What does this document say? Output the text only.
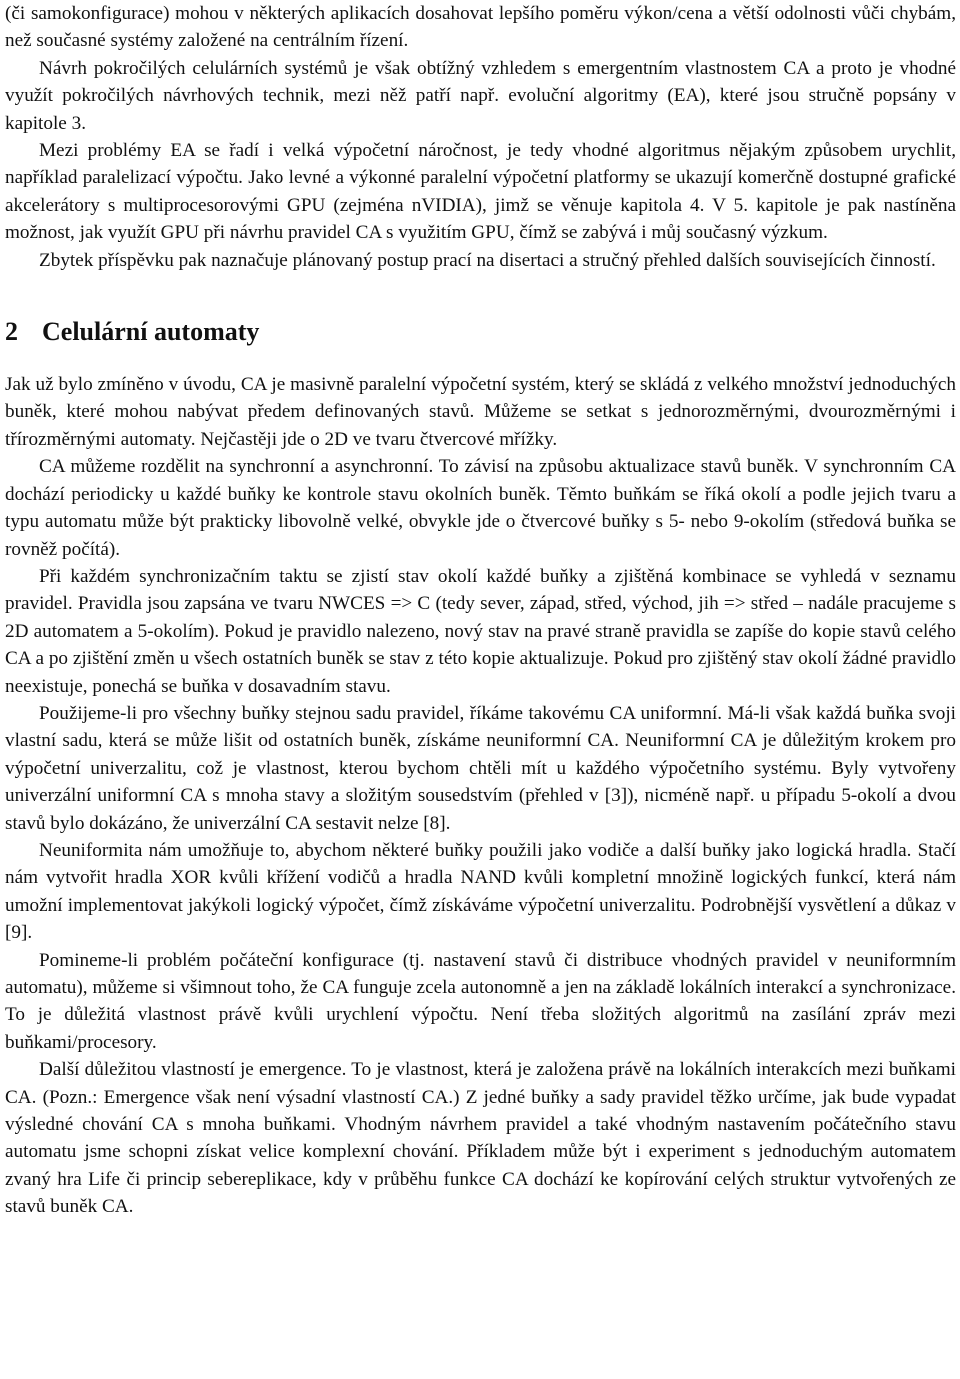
(či samokonfigurace) mohou v některých aplikacích dosahovat lepšího poměru výkon/cena a větší odolnosti vůči chybám, než současné systémy založené na centrálním řízení.

Návrh pokročilých celulárních systémů je však obtížný vzhledem s emergentním vlastnostem CA a proto je vhodné využít pokročilých návrhových technik, mezi něž patří např. evoluční algoritmy (EA), které jsou stručně popsány v kapitole 3.

Mezi problémy EA se řadí i velká výpočetní náročnost, je tedy vhodné algoritmus nějakým způsobem urychlit, například paralelizací výpočtu. Jako levné a výkonné paralelní výpočetní platformy se ukazují komerčně dostupné grafické akcelerátory s multiprocesorovými GPU (zejména nVIDIA), jimž se věnuje kapitola 4. V 5. kapitole je pak nastíněna možnost, jak využít GPU při návrhu pravidel CA s využitím GPU, čímž se zabývá i můj současný výzkum.

Zbytek příspěvku pak naznačuje plánovaný postup prací na disertaci a stručný přehled dalších souvisejících činností.

2 Celulární automaty

Jak už bylo zmíněno v úvodu, CA je masivně paralelní výpočetní systém, který se skládá z velkého množství jednoduchých buněk, které mohou nabývat předem definovaných stavů. Můžeme se setkat s jednorozměrnými, dvourozměrnými i třírozměrnými automaty. Nejčastěji jde o 2D ve tvaru čtvercové mřížky.

CA můžeme rozdělit na synchronní a asynchronní. To závisí na způsobu aktualizace stavů buněk. V synchronním CA dochází periodicky u každé buňky ke kontrole stavu okolních buněk. Těmto buňkám se říká okolí a podle jejich tvaru a typu automatu může být prakticky libovolně velké, obvykle jde o čtvercové buňky s 5- nebo 9-okolím (středová buňka se rovněž počítá).

Při každém synchronizačním taktu se zjistí stav okolí každé buňky a zjištěná kombinace se vyhledá v seznamu pravidel. Pravidla jsou zapsána ve tvaru NWCES => C (tedy sever, západ, střed, východ, jih => střed – nadále pracujeme s 2D automatem a 5-okolím). Pokud je pravidlo nalezeno, nový stav na pravé straně pravidla se zapíše do kopie stavů celého CA a po zjištění změn u všech ostatních buněk se stav z této kopie aktualizuje. Pokud pro zjištěný stav okolí žádné pravidlo neexistuje, ponechá se buňka v dosavadním stavu.

Použijeme-li pro všechny buňky stejnou sadu pravidel, říkáme takovému CA uniformní. Má-li však každá buňka svoji vlastní sadu, která se může lišit od ostatních buněk, získáme neuniformní CA. Neuniformní CA je důležitým krokem pro výpočetní univerzalitu, což je vlastnost, kterou bychom chtěli mít u každého výpočetního systému. Byly vytvořeny univerzální uniformní CA s mnoha stavy a složitým sousedstvím (přehled v [3]), nicméně např. u případu 5-okolí a dvou stavů bylo dokázáno, že univerzální CA sestavit nelze [8].

Neuniformita nám umožňuje to, abychom některé buňky použili jako vodiče a další buňky jako logická hradla. Stačí nám vytvořit hradla XOR kvůli křížení vodičů a hradla NAND kvůli kompletní množině logických funkcí, která nám umožní implementovat jakýkoli logický výpočet, čímž získáváme výpočetní univerzalitu. Podrobnější vysvětlení a důkaz v [9].

Pomineme-li problém počáteční konfigurace (tj. nastavení stavů či distribuce vhodných pravidel v neuniformním automatu), můžeme si všimnout toho, že CA funguje zcela autonomně a jen na základě lokálních interakcí a synchronizace. To je důležitá vlastnost právě kvůli urychlení výpočtu. Není třeba složitých algoritmů na zasílání zpráv mezi buňkami/procesory.

Další důležitou vlastností je emergence. To je vlastnost, která je založena právě na lokálních interakcích mezi buňkami CA. (Pozn.: Emergence však není výsadní vlastností CA.) Z jedné buňky a sady pravidel těžko určíme, jak bude vypadat výsledné chování CA s mnoha buňkami. Vhodným návrhem pravidel a také vhodným nastavením počátečního stavu automatu jsme schopni získat velice komplexní chování. Příkladem může být i experiment s jednoduchým automatem zvaný hra Life či princip sebereplikace, kdy v průběhu funkce CA dochází ke kopírování celých struktur vytvořených ze stavů buněk CA.
